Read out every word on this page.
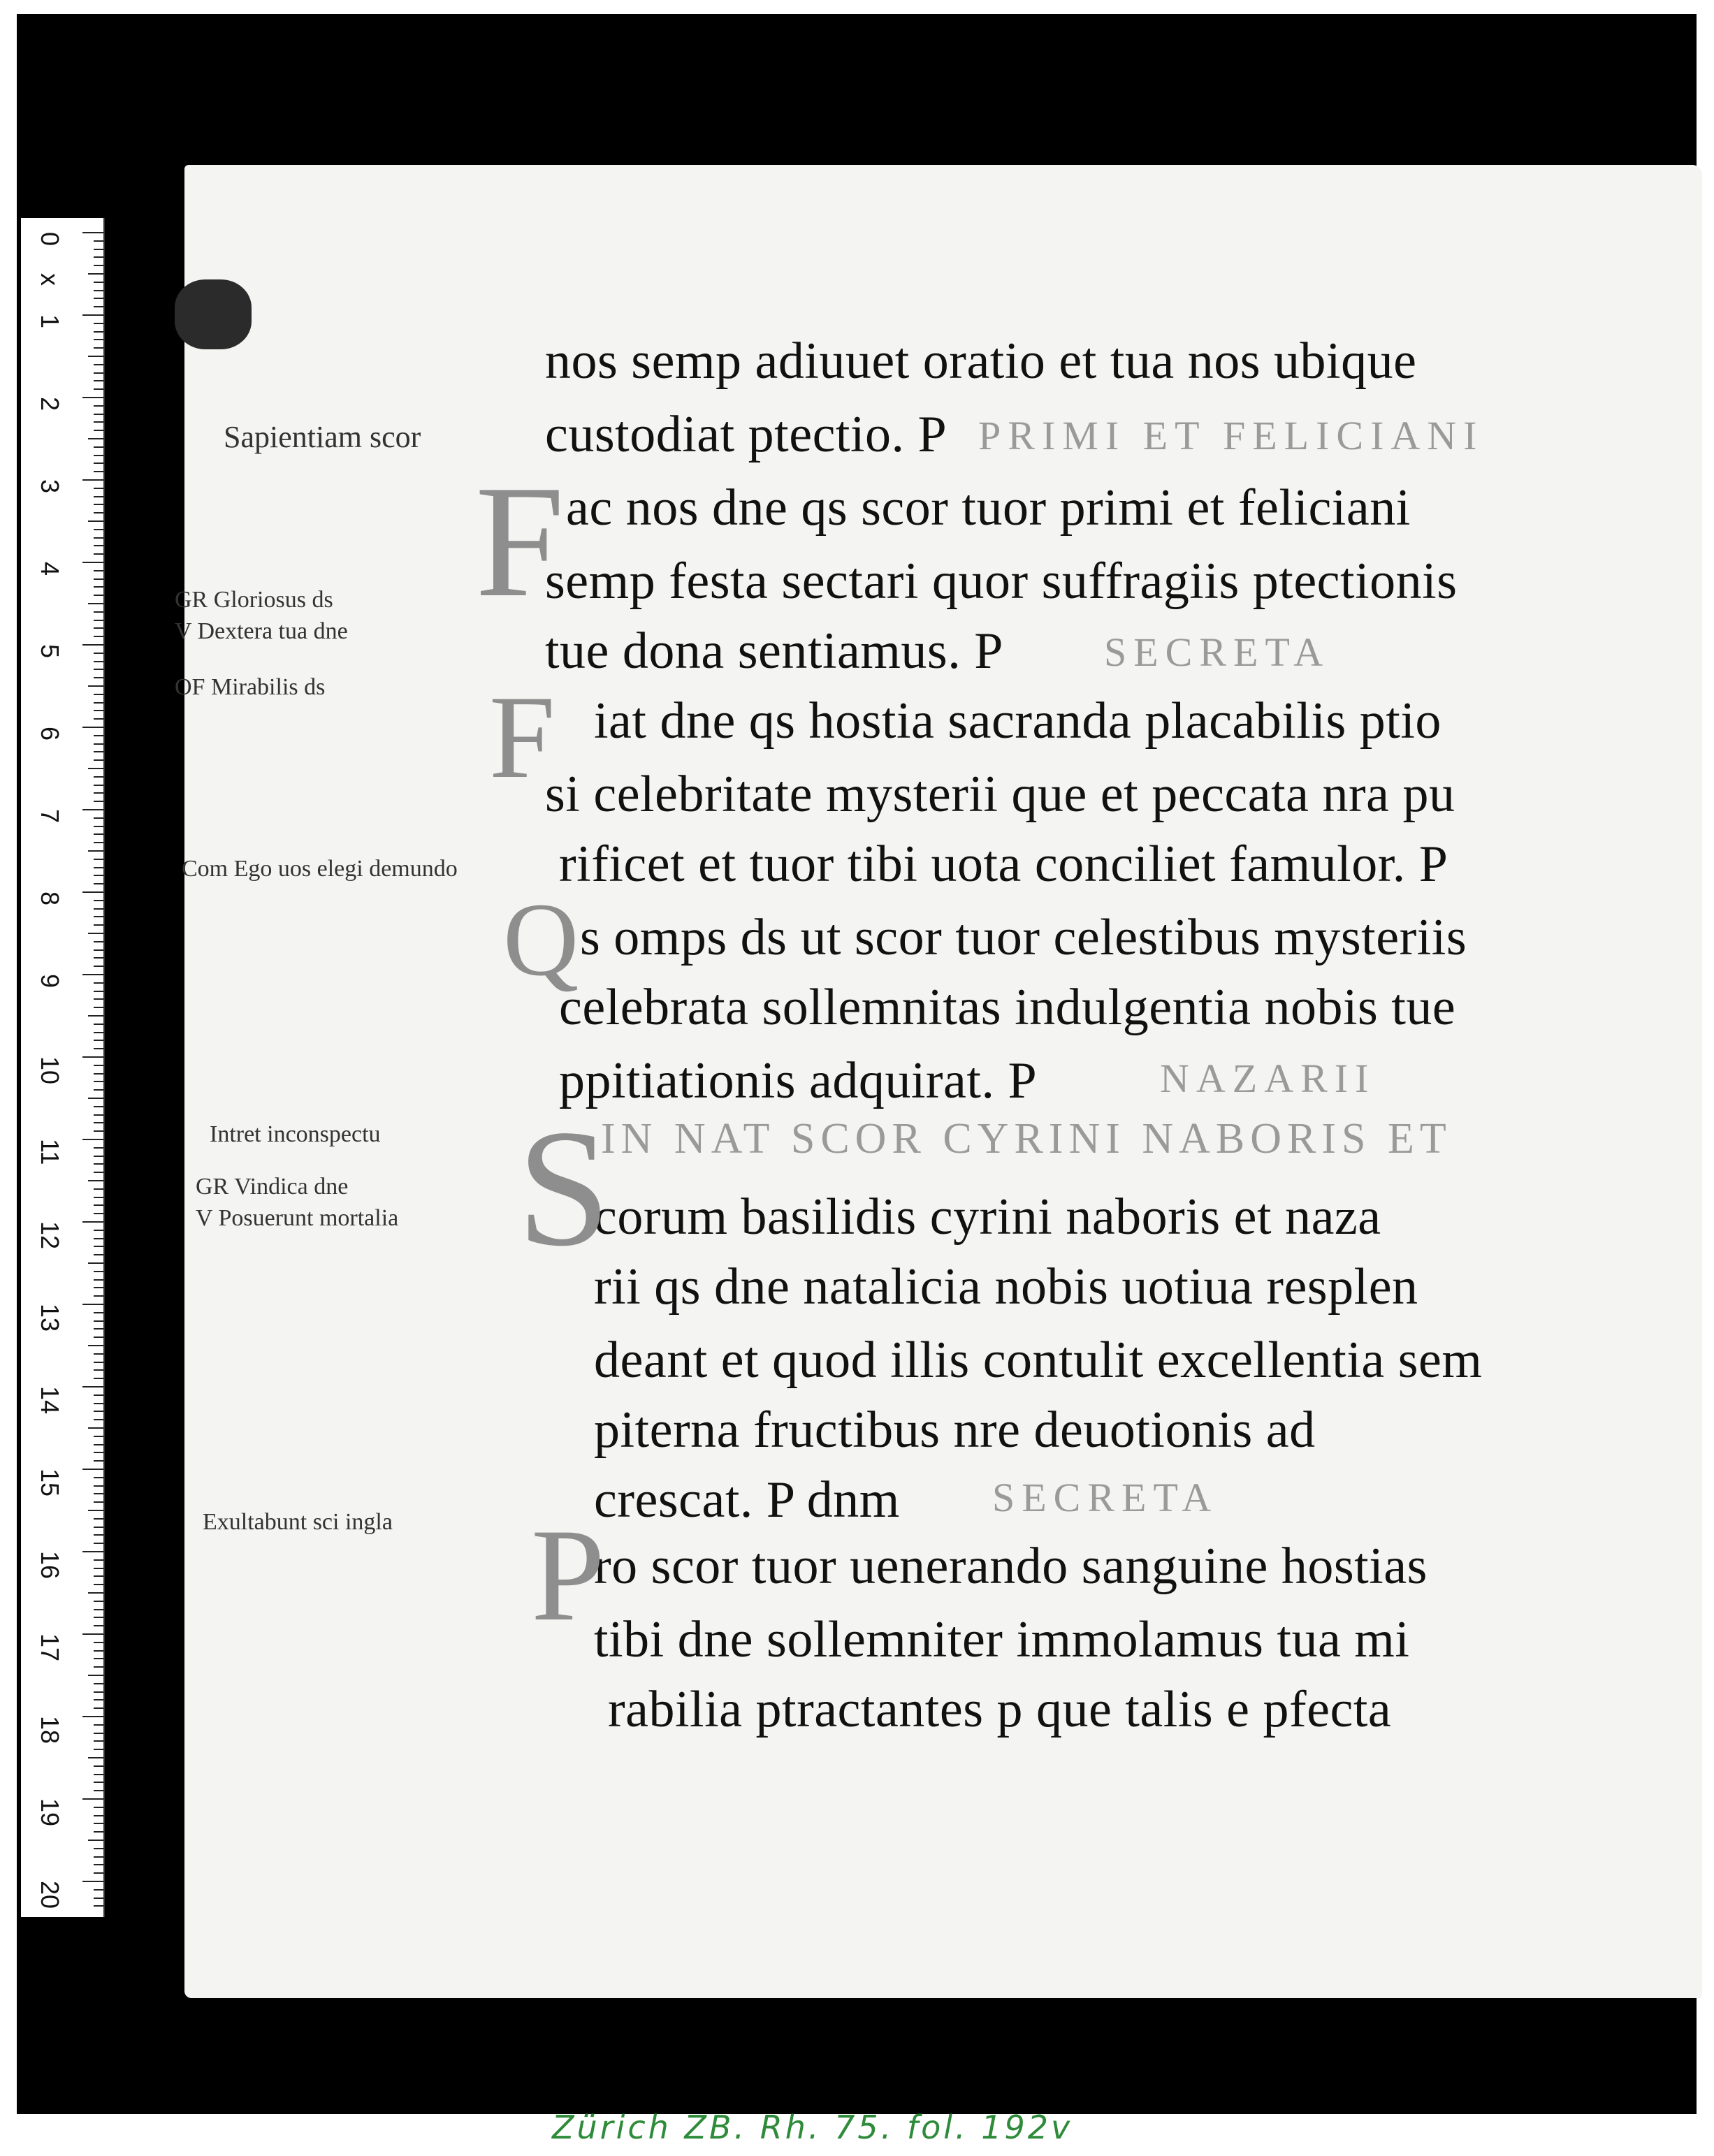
0
1
2
3
4
5
6
7
8
9
10
11
12
13
14
15
16
17
18
19
20
x
nos semp adiuuet oratio et tua nos ubique
custodiat ptectio. P
ac nos dne qs scor tuor primi et feliciani
semp festa sectari quor suffragiis ptectionis
tue dona sentiamus. P
iat dne qs hostia sacranda placabilis ptio
si celebritate mysterii que et peccata nra pu
rificet et tuor tibi uota conciliet famulor. P
s omps ds ut scor tuor celestibus mysteriis
celebrata sollemnitas indulgentia nobis tue
ppitiationis adquirat. P
corum basilidis cyrini naboris et naza
rii qs dne natalicia nobis uotiua resplen
deant et quod illis contulit excellentia sem
piterna fructibus nre deuotionis ad
crescat. P dnm
ro scor tuor uenerando sanguine hostias
tibi dne sollemniter immolamus tua mi
rabilia ptractantes p que talis e pfecta
PRIMI ET FELICIANI
SECRETA
NAZARII
IN NAT SCOR CYRINI NABORIS ET
SECRETA
F
F
Q
S
P
Sapientiam scor
GR Gloriosus ds
V Dextera tua dne
OF Mirabilis ds
Com Ego uos elegi demundo
Intret inconspectu
GR Vindica dne
V Posuerunt mortalia
Exultabunt sci ingla
Zürich ZB. Rh. 75. fol. 192v
